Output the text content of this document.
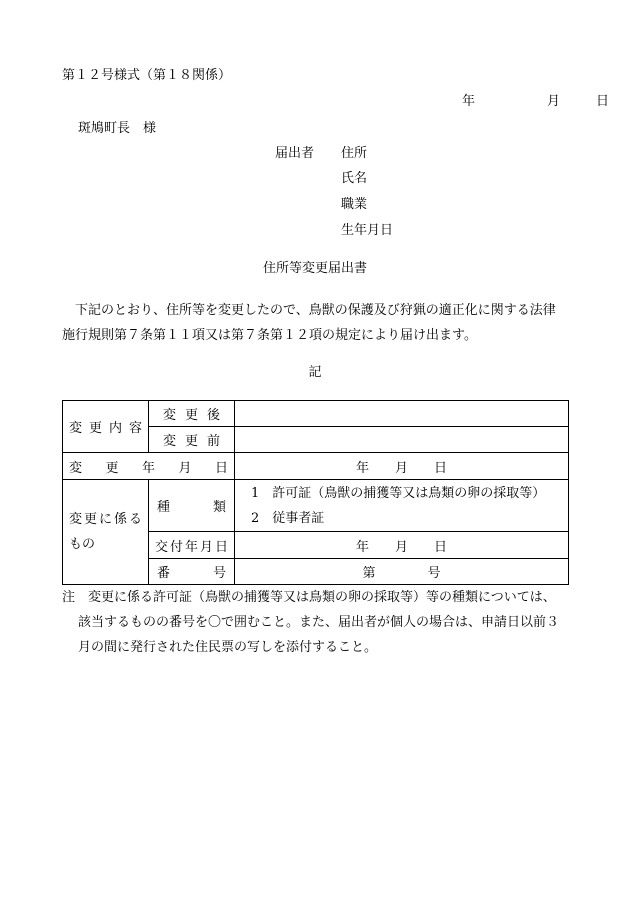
第１２号様式（第１８関係）
年	月	日
斑鳩町長　様
届出者 住所
氏名
職業
生年月日
住所等変更届出書

　下記のとおり、住所等を変更したので、鳥獣の保護及び狩猟の適正化に関する法律

施行規則第７条第１１項又は第７条第１２項の規定により届け出ます。

記
変更内容	変更後	
	変更前	
変更年月日		年　　月　　日

変更に係る
もの	種類	1　許可証（鳥獣の捕獲等又は鳥類の卵の採取等）
2　従事者証

	交付年月日	年　　月　　日
	番号	第　　　　号

注　変更に係る許可証（鳥獣の捕獲等又は鳥類の卵の採取等）等の種類については、

該当するものの番号を〇で囲むこと。また、届出者が個人の場合は、申請日以前３

月の間に発行された住民票の写しを添付すること。
